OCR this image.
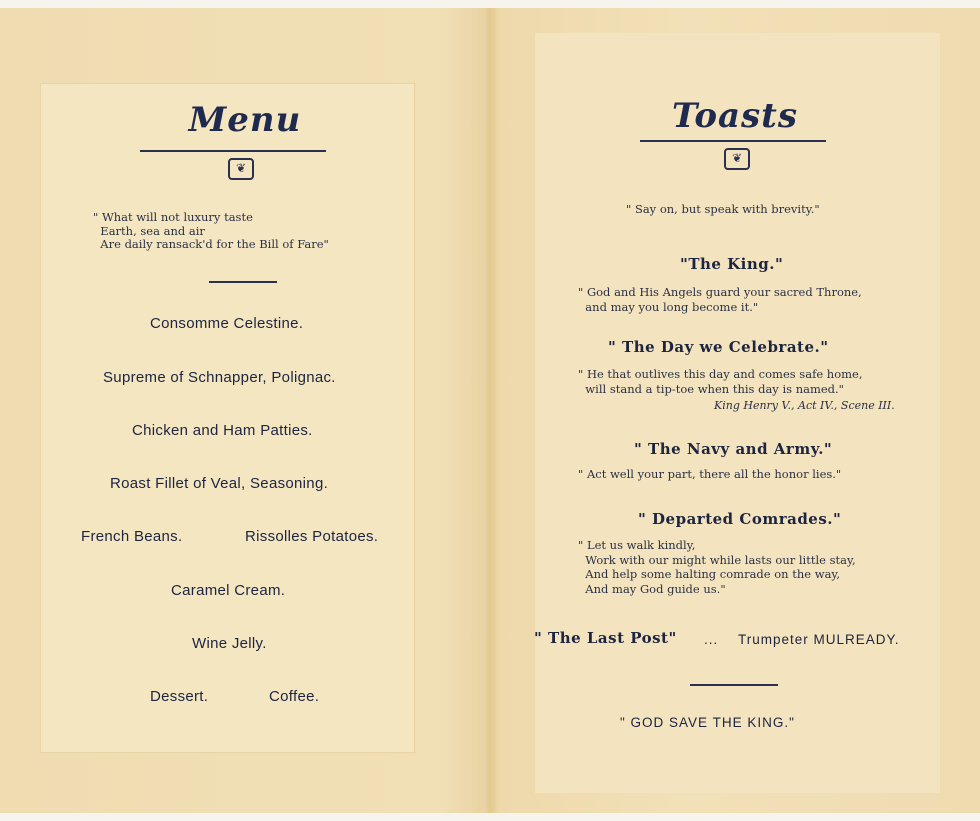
Menu
❦
" What will not luxury taste
Earth, sea and air
Are daily ransack'd for the Bill of Fare"
Consomme Celestine.
Supreme of Schnapper, Polignac.
Chicken and Ham Patties.
Roast Fillet of Veal, Seasoning.
French Beans.	Rissolles Potatoes.
Caramel Cream.
Wine Jelly.
Dessert.	Coffee.
Toasts
❦
" Say on, but speak with brevity."
"The King."
" God and His Angels guard your sacred Throne,
and may you long become it."
" The Day we Celebrate."
" He that outlives this day and comes safe home,
will stand a tip-toe when this day is named."
King Henry V., Act IV., Scene III.
" The Navy and Army."
" Act well your part, there all the honor lies."
" Departed Comrades."
" Let us walk kindly,
Work with our might while lasts our little stay,
And help some halting comrade on the way,
And may God guide us."
" The Last Post" ... Trumpeter MULREADY.
" GOD SAVE THE KING."
